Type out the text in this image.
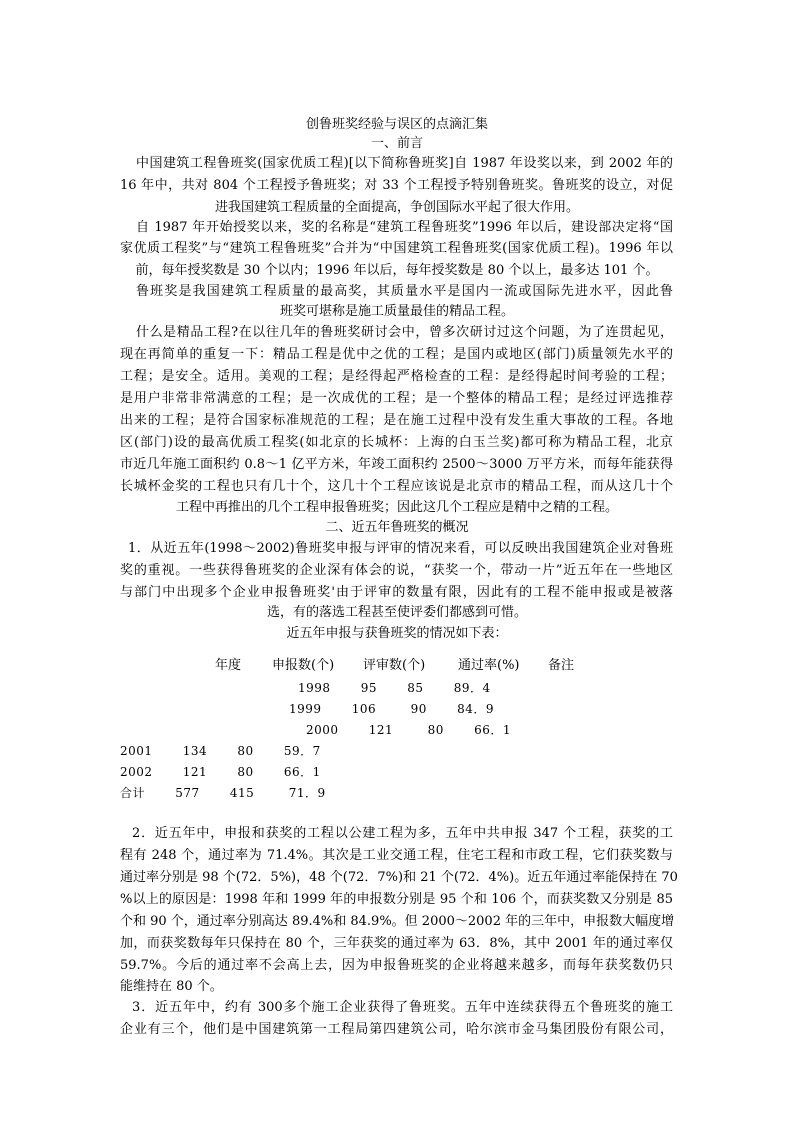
创鲁班奖经验与误区的点滴汇集

一、前言

中国建筑工程鲁班奖(国家优质工程)[以下简称鲁班奖]自 1987 年设奖以来，到 2002 年的

16 年中，共对 804 个工程授予鲁班奖；对 33 个工程授予特别鲁班奖。鲁班奖的设立，对促

进我国建筑工程质量的全面提高，争创国际水平起了很大作用。

自 1987 年开始授奖以来，奖的名称是“建筑工程鲁班奖”1996 年以后，建设部决定将“国

家优质工程奖”与“建筑工程鲁班奖”合并为“中国建筑工程鲁班奖(国家优质工程)。1996 年以

前，每年授奖数是 30 个以内；1996 年以后，每年授奖数是 80 个以上，最多达 101 个。

鲁班奖是我国建筑工程质量的最高奖，其质量水平是国内一流或国际先进水平，因此鲁

班奖可堪称是施工质量最佳的精品工程。

什么是精品工程?在以往几年的鲁班奖研讨会中，曾多次研讨过这个问题，为了连贯起见，

现在再简单的重复一下：精品工程是优中之优的工程；是国内或地区(部门)质量领先水平的

工程；是安全。适用。美观的工程；是经得起严格检查的工程：是经得起时间考验的工程；

是用户非常非常满意的工程；是一次成优的工程；是一个整体的精品工程；是经过评选推荐

出来的工程；是符合国家标准规范的工程；是在施工过程中没有发生重大事故的工程。各地

区(部门)设的最高优质工程奖(如北京的长城杯：上海的白玉兰奖)都可称为精品工程，北京

市近几年施工面积约 0.8～1 亿平方米，年竣工面积约 2500～3000 万平方米，而每年能获得

长城杯金奖的工程也只有几十个，这几十个工程应该说是北京市的精品工程，而从这几十个

工程中再推出的几个工程申报鲁班奖；因此这几个工程应是精中之精的工程。

二、近五年鲁班奖的概况

1．从近五年(1998～2002)鲁班奖申报与评审的情况来看，可以反映出我国建筑企业对鲁班

奖的重视。一些获得鲁班奖的企业深有体会的说，“获奖一个，带动一片”近五年在一些地区

与部门中出现多个企业申报鲁班奖'由于评审的数量有限，因此有的工程不能申报或是被落

选，有的落选工程甚至使评委们都感到可惜。

近五年申报与获鲁班奖的情况如下表：

年度 申报数(个) 评审数(个)	通过率(%) 备注
1998	95	85	89．4
1999	106	90	84．9
2000	121	80	66．1
2001	134	80	59．7
2002	121	80	66．1
合计	577	415	71．9

2．近五年中，申报和获奖的工程以公建工程为多，五年中共申报 347 个工程，获奖的工

程有 248 个，通过率为 71.4%。其次是工业交通工程，住宅工程和市政工程，它们获奖数与

通过率分别是 98 个(72．5%)，48 个(72．7%)和 21 个(72．4%)。近五年通过率能保持在 70

%以上的原因是：1998 年和 1999 年的申报数分别是 95 个和 106 个，而获奖数又分别是 85

个和 90 个，通过率分别高达 89.4%和 84.9%。但 2000～2002 年的三年中，申报数大幅度增

加，而获奖数每年只保持在 80 个，三年获奖的通过率为 63．8%，其中 2001 年的通过率仅

59.7%。今后的通过率不会高上去，因为申报鲁班奖的企业将越来越多，而每年获奖数仍只

能维持在 80 个。

3．近五年中，约有 300多个施工企业获得了鲁班奖。五年中连续获得五个鲁班奖的施工

企业有三个，他们是中国建筑第一工程局第四建筑公司，哈尔滨市金马集团股份有限公司，
